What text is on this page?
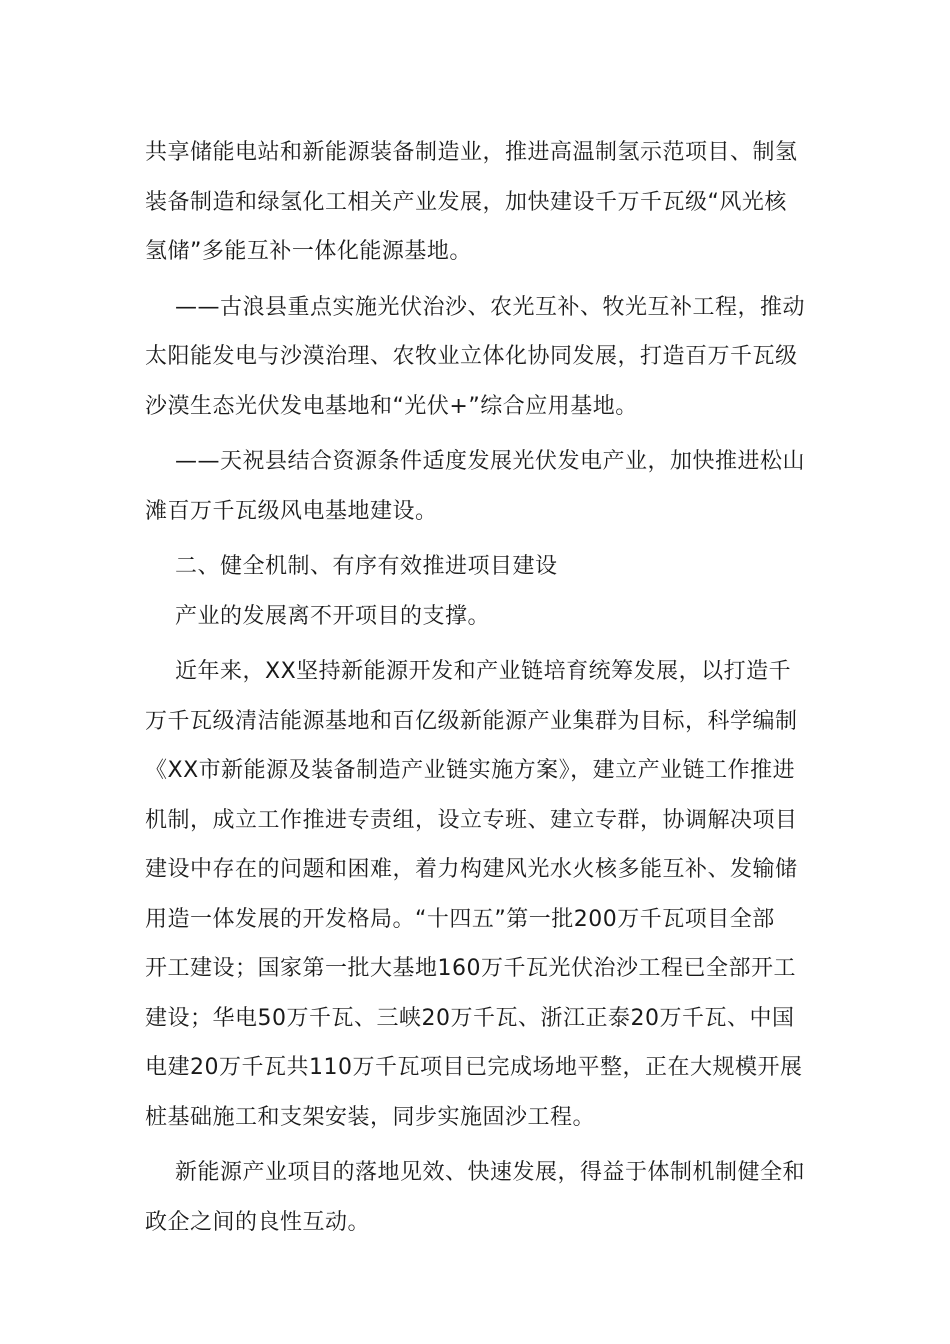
共享储能电站和新能源装备制造业，推进高温制氢示范项目、制氢
装备制造和绿氢化工相关产业发展，加快建设千万千瓦级“风光核
氢储”多能互补一体化能源基地。
——古浪县重点实施光伏治沙、农光互补、牧光互补工程，推动
太阳能发电与沙漠治理、农牧业立体化协同发展，打造百万千瓦级
沙漠生态光伏发电基地和“光伏+”综合应用基地。
——天祝县结合资源条件适度发展光伏发电产业，加快推进松山
滩百万千瓦级风电基地建设。
二、健全机制、有序有效推进项目建设
产业的发展离不开项目的支撑。
近年来，XX坚持新能源开发和产业链培育统筹发展，以打造千
万千瓦级清洁能源基地和百亿级新能源产业集群为目标，科学编制
《XX市新能源及装备制造产业链实施方案》，建立产业链工作推进
机制，成立工作推进专责组，设立专班、建立专群，协调解决项目
建设中存在的问题和困难，着力构建风光水火核多能互补、发输储
用造一体发展的开发格局。“十四五”第一批200万千瓦项目全部
开工建设；国家第一批大基地160万千瓦光伏治沙工程已全部开工
建设；华电50万千瓦、三峡20万千瓦、浙江正泰20万千瓦、中国
电建20万千瓦共110万千瓦项目已完成场地平整，正在大规模开展
桩基础施工和支架安装，同步实施固沙工程。
新能源产业项目的落地见效、快速发展，得益于体制机制健全和
政企之间的良性互动。
